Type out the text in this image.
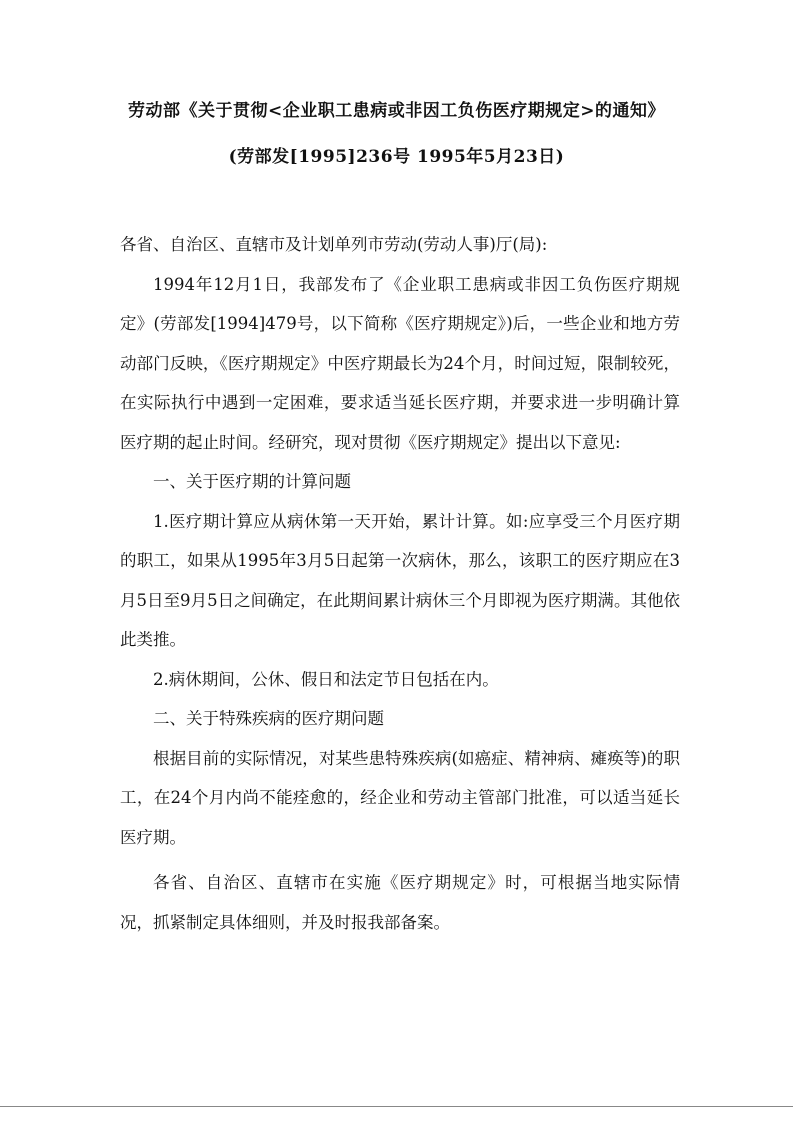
劳动部《关于贯彻<企业职工患病或非因工负伤医疗期规定>的通知》
(劳部发[1995]236号 1995年5月23日)

各省、自治区、直辖市及计划单列市劳动(劳动人事)厅(局):

1994年12月1日，我部发布了《企业职工患病或非因工负伤医疗期规定》(劳部发[1994]479号，以下简称《医疗期规定》)后，一些企业和地方劳动部门反映，《医疗期规定》中医疗期最长为24个月，时间过短，限制较死，在实际执行中遇到一定困难，要求适当延长医疗期，并要求进一步明确计算医疗期的起止时间。经研究，现对贯彻《医疗期规定》提出以下意见:

一、关于医疗期的计算问题

1.医疗期计算应从病休第一天开始，累计计算。如:应享受三个月医疗期的职工，如果从1995年3月5日起第一次病休，那么，该职工的医疗期应在3月5日至9月5日之间确定，在此期间累计病休三个月即视为医疗期满。其他依此类推。

2.病休期间，公休、假日和法定节日包括在内。

二、关于特殊疾病的医疗期问题

根据目前的实际情况，对某些患特殊疾病(如癌症、精神病、瘫痪等)的职工，在24个月内尚不能痊愈的，经企业和劳动主管部门批准，可以适当延长医疗期。

各省、自治区、直辖市在实施《医疗期规定》时，可根据当地实际情况，抓紧制定具体细则，并及时报我部备案。
